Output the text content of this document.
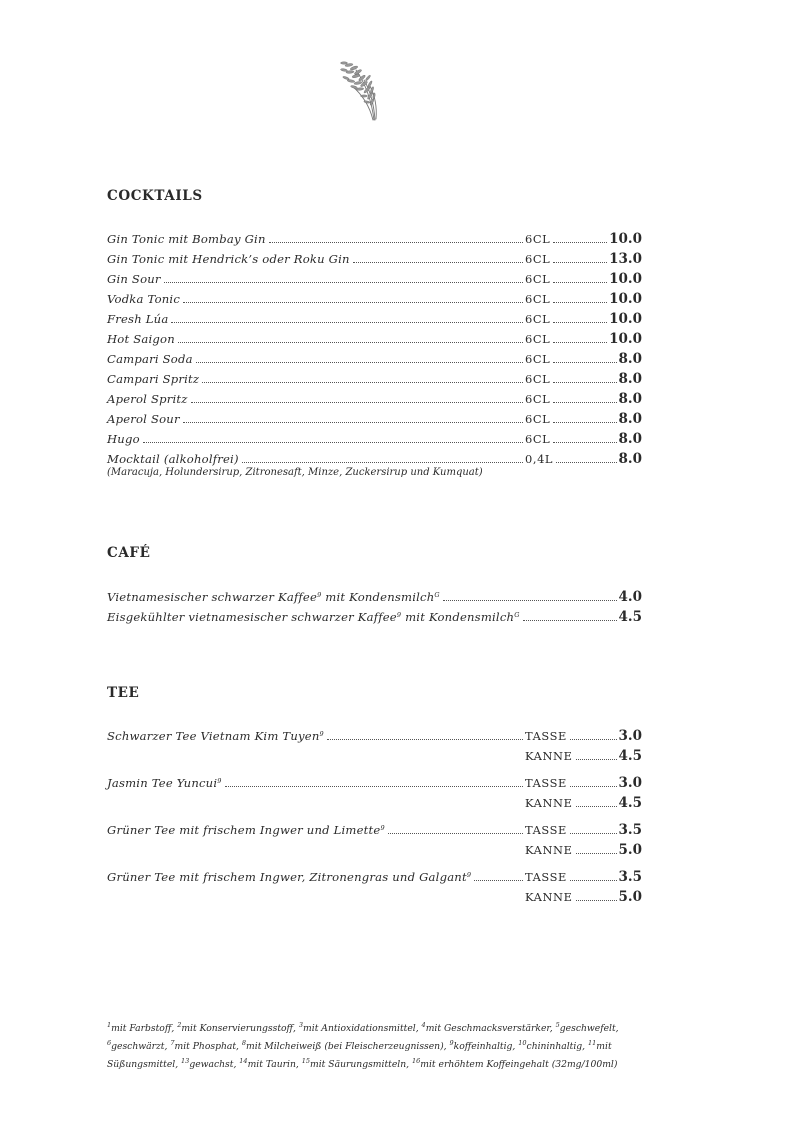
COCKTAILS
Gin Tonic mit Bombay Gin	6CL	10.0
Gin Tonic mit Hendrick’s oder Roku Gin	6CL	13.0
Gin Sour	6CL	10.0
Vodka Tonic	6CL	10.0
Fresh Lúa	6CL	10.0
Hot Saigon	6CL	10.0
Campari Soda	6CL	8.0
Campari Spritz	6CL	8.0
Aperol Spritz	6CL	8.0
Aperol Sour	6CL	8.0
Hugo	6CL	8.0
Mocktail (alkoholfrei)	0,4L	8.0
(Maracuja, Holundersirup, Zitronesaft, Minze, Zuckersirup und Kumquat)
CAFÉ
Vietnamesischer schwarzer Kaffee$^9$ mit Kondensmilch$^G$	4.0
Eisgekühlter vietnamesischer schwarzer Kaffee$^9$ mit Kondensmilch$^G$	4.5
TEE
Schwarzer Tee Vietnam Kim Tuyen$^9$	TASSE	3.0
KANNE	4.5
Jasmin Tee Yuncui$^9$	TASSE	3.0
KANNE	4.5
Grüner Tee mit frischem Ingwer und Limette$^9$	TASSE	3.5
KANNE	5.0
Grüner Tee mit frischem Ingwer, Zitronengras und Galgant$^9$	TASSE	3.5
KANNE	5.0
$^1$mit Farbstoff, $^2$mit Konservierungsstoff, $^3$mit Antioxidationsmittel, $^4$mit Geschmacksverstärker, $^5$geschwefelt, $^6$geschwärzt, $^7$mit Phosphat, $^8$mit Milcheiweiß (bei Fleischerzeugnissen), $^9$koffeinhaltig, $^{10}$chininhaltig, $^{11}$mit Süßungsmittel, $^{13}$gewachst, $^{14}$mit Taurin, $^{15}$mit Säurungsmitteln, $^{16}$mit erhöhtem Koffeingehalt (32mg/100ml)
